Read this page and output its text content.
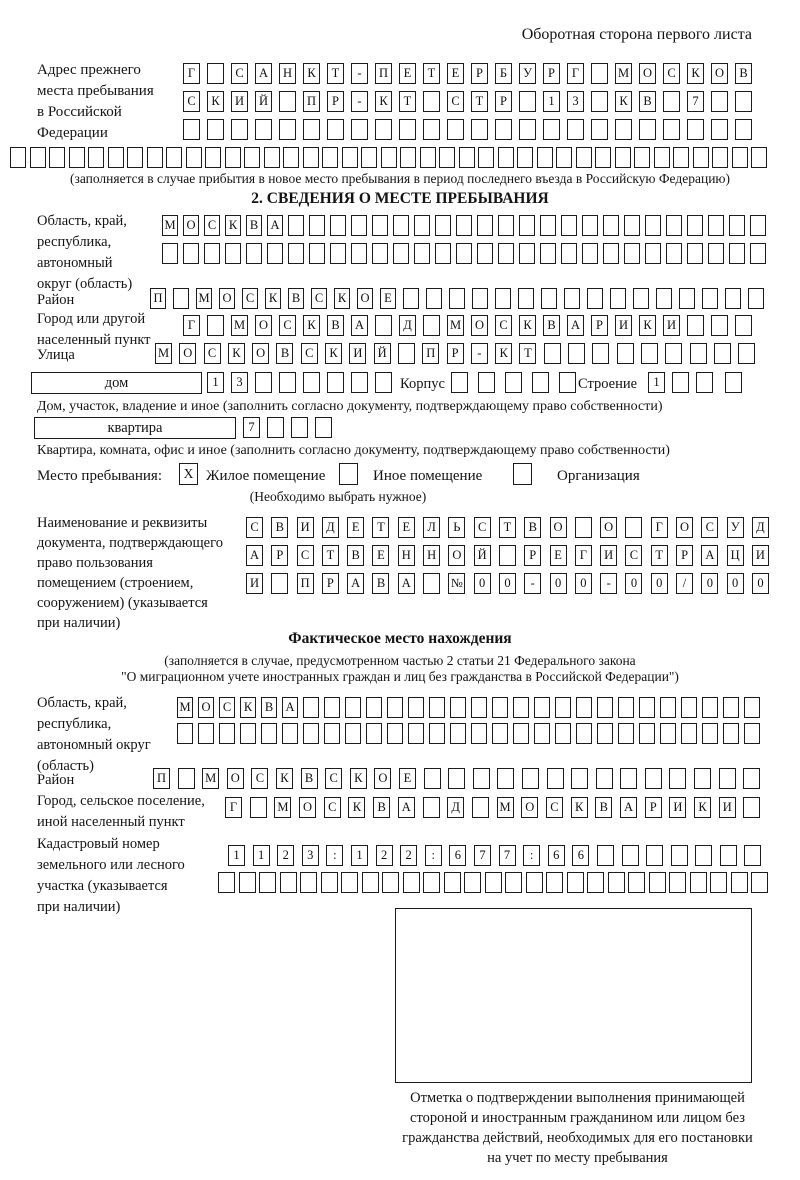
Оборотная сторона первого листа
Адрес прежнего
места пребывания
в Российской
Федерации
Г	С	А	Н	К	Т	-	П	Е	Т	Е	Р	Б	У	Р	Г	М	О	С	К	О	В
С	К	И	Й	П	Р	-	К	Т	С	Т	Р	1	3	К	В	7
(заполняется в случае прибытия в новое место пребывания в период последнего въезда в Российскую Федерацию)
2. СВЕДЕНИЯ О МЕСТЕ ПРЕБЫВАНИЯ
Область, край,
республика,
автономный
округ (область)
М О С	К	В А
Район	П	М О	С	К	В	С	К	О	Е
Город или другой
населенный пункт
Г	М	О	С	К	В	А	Д	М	О	С	К	В	А	Р	И	К	И
Улица	М	О	С	К	О	В	С	К	И	Й	П	Р	-	К	Т
дом	1	3	Корпус	Строение	1
Дом, участок, владение и иное (заполнить согласно документу, подтверждающему право собственности)
квартира	7
Квартира, комната, офис и иное (заполнить согласно документу, подтверждающему право собственности)
Место пребывания:	X Жилое помещение	Иное помещение	Организация
(Необходимо выбрать нужное)
Наименование и реквизиты
документа, подтверждающего
право пользования
помещением (строением,
сооружением) (указывается
при наличии)
С	В	И	Д	Е	Т	Е	Л	Ь	С	Т	В	О	О	Г	О	С	У	Д
А	Р	С	Т	В	Е	Н	Н	О	Й	Р	Е	Г	И	С	Т	Р	А	Ц	И
И	П	Р	А	В	А	№	0	0	-	0	0	-	0	0	/	0	0	0
Фактическое место нахождения
(заполняется в случае, предусмотренном частью 2 статьи 21 Федерального закона
"О миграционном учете иностранных граждан и лиц без гражданства в Российской Федерации")
Область, край,
республика,
автономный округ
(область)
М О С	К	В А
Район	П	М	О	С	К	В	С	К	О	Е
Город, сельское поселение,
иной населенный пункт
Г	М	О	С	К	В	А	Д	М	О	С	К	В	А	Р	И	К	И
Кадастровый номер
земельного или лесного
участка (указывается
при наличии)
1	1	2	3	:	1	2	2	:	6	7	7	:	6	6
Отметка о подтверждении выполнения принимающей
стороной и иностранным гражданином или лицом без
гражданства действий, необходимых для его постановки
на учет по месту пребывания
